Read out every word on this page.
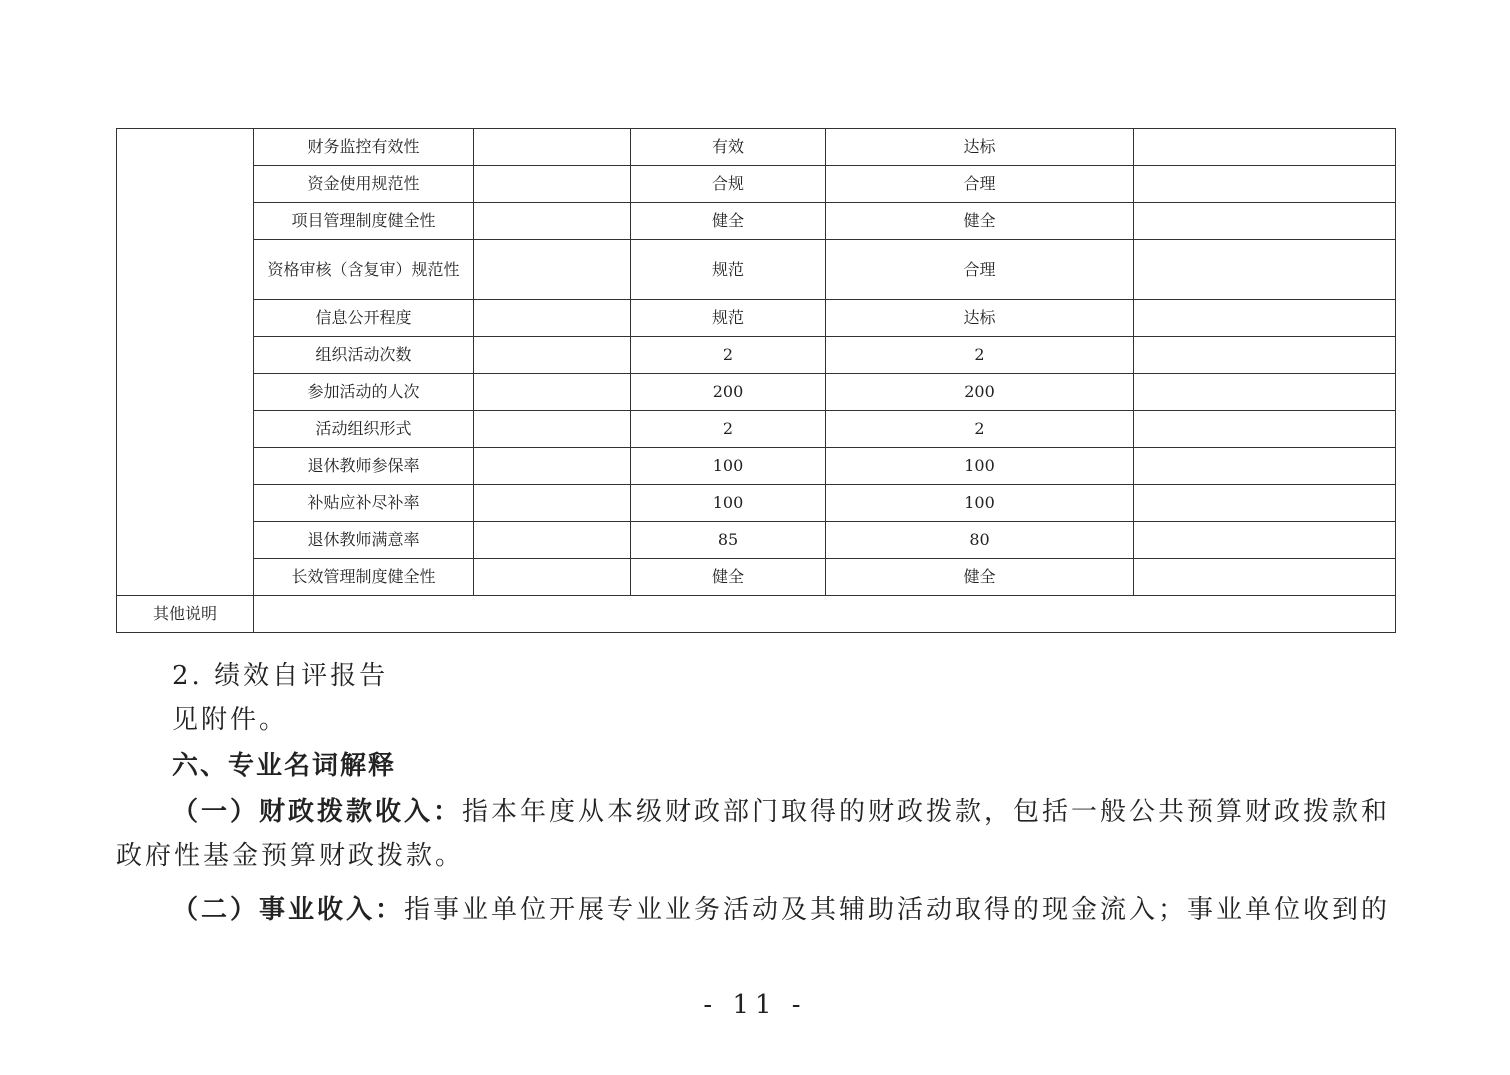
	财务监控有效性		有效	达标	
	资金使用规范性		合规	合理	
	项目管理制度健全性		健全	健全	
	资格审核（含复审）规范性		规范	合理	
	信息公开程度		规范	达标	
	组织活动次数		2	2	
	参加活动的人次		200	200	
	活动组织形式		2	2	
	退休教师参保率		100	100	
	补贴应补尽补率		100	100	
	退休教师满意率		85	80	
	长效管理制度健全性		健全	健全	
其他说明					
2. 绩效自评报告
见附件。
六、专业名词解释
（一）财政拨款收入：指本年度从本级财政部门取得的财政拨款，包括一般公共预算财政拨款和政府性基金预算财政拨款。
（二）事业收入：指事业单位开展专业业务活动及其辅助活动取得的现金流入；事业单位收到的
- 11 -
